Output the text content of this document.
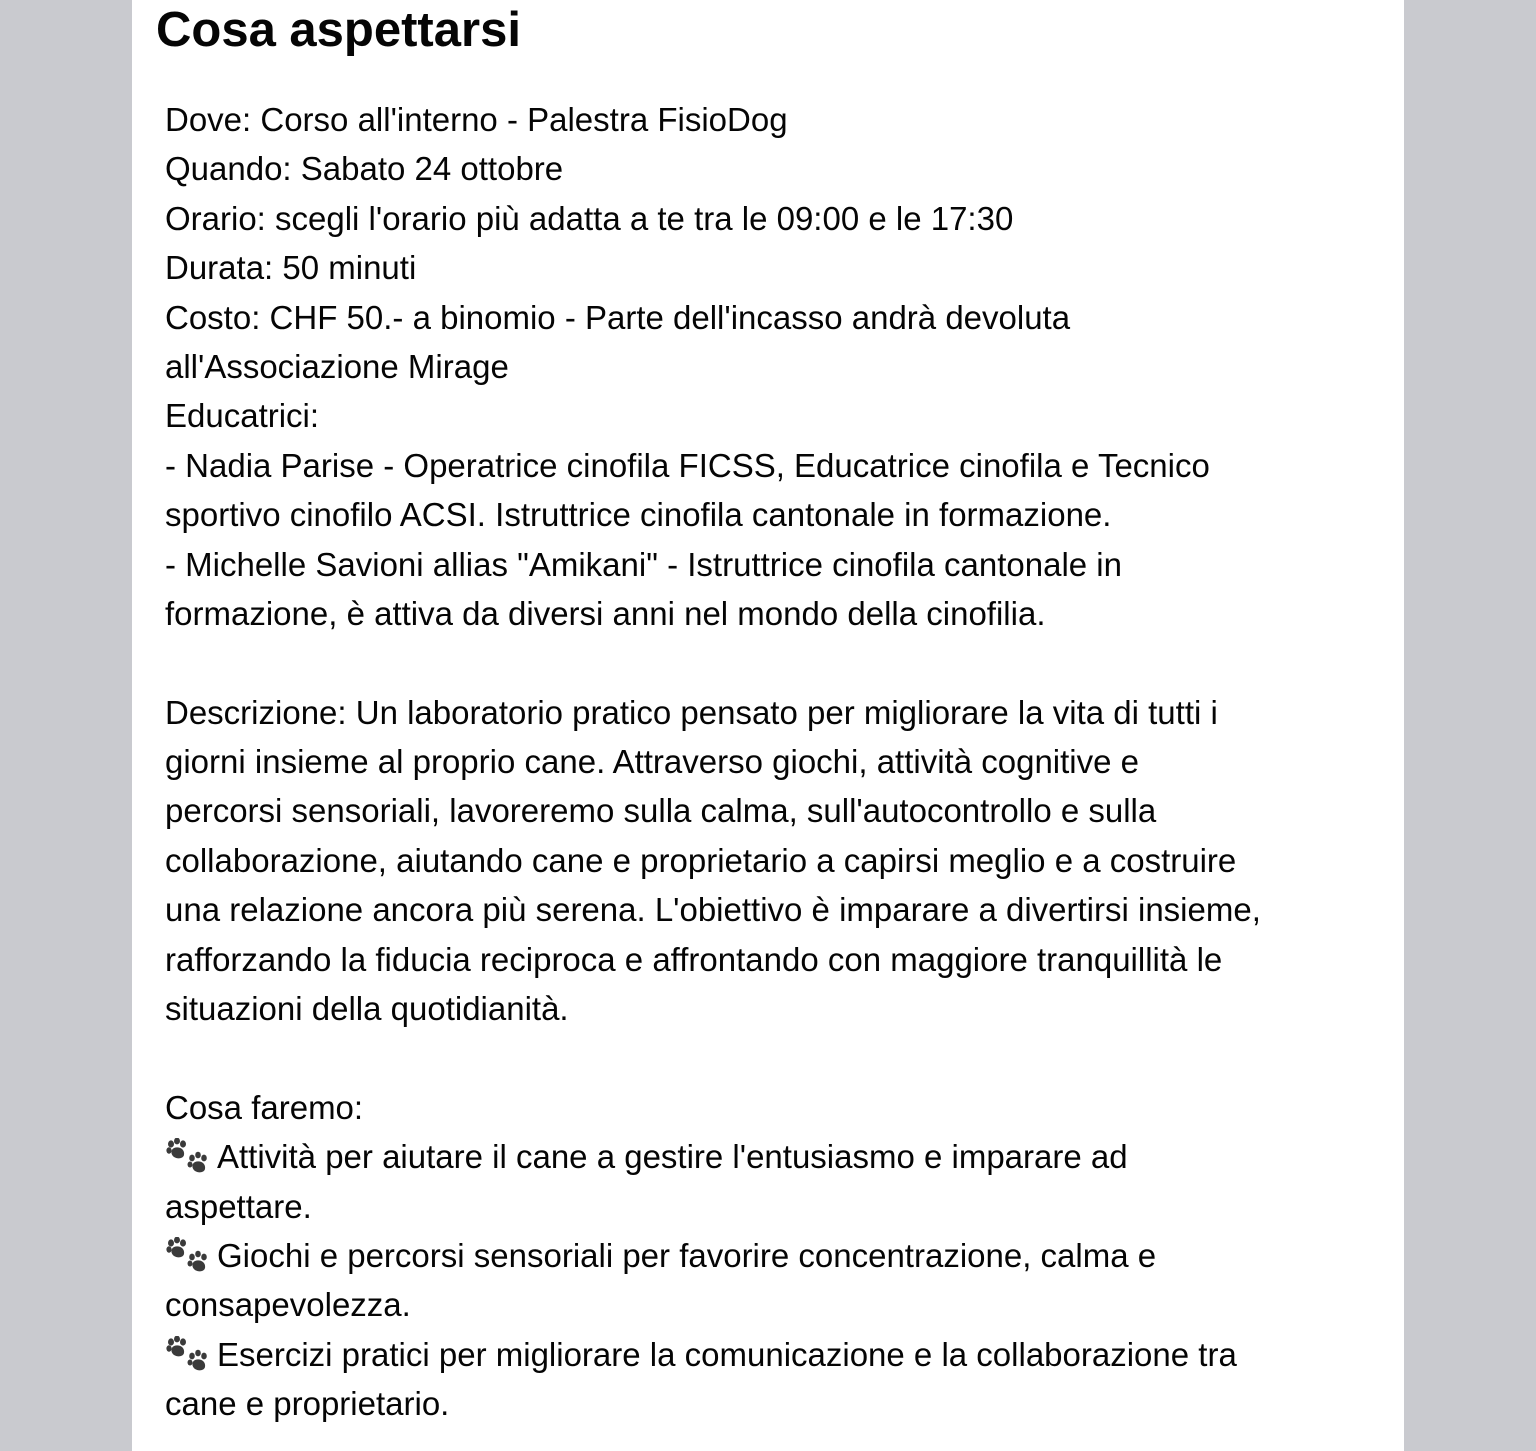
Cosa aspettarsi
Dove: Corso all'interno - Palestra FisioDog
Quando: Sabato 24 ottobre
Orario: scegli l'orario più adatta a te tra le 09:00 e le 17:30
Durata: 50 minuti
Costo: CHF 50.- a binomio - Parte dell'incasso andrà devoluta
all'Associazione Mirage
Educatrici:
- Nadia Parise - Operatrice cinofila FICSS, Educatrice cinofila e Tecnico
sportivo cinofilo ACSI. Istruttrice cinofila cantonale in formazione.
- Michelle Savioni allias "Amikani" - Istruttrice cinofila cantonale in
formazione, è attiva da diversi anni nel mondo della cinofilia.
Descrizione: Un laboratorio pratico pensato per migliorare la vita di tutti i
giorni insieme al proprio cane. Attraverso giochi, attività cognitive e
percorsi sensoriali, lavoreremo sulla calma, sull'autocontrollo e sulla
collaborazione, aiutando cane e proprietario a capirsi meglio e a costruire
una relazione ancora più serena. L'obiettivo è imparare a divertirsi insieme,
rafforzando la fiducia reciproca e affrontando con maggiore tranquillità le
situazioni della quotidianità.
Cosa faremo:
Attività per aiutare il cane a gestire l'entusiasmo e imparare ad
aspettare.
Giochi e percorsi sensoriali per favorire concentrazione, calma e
consapevolezza.
Esercizi pratici per migliorare la comunicazione e la collaborazione tra
cane e proprietario.
